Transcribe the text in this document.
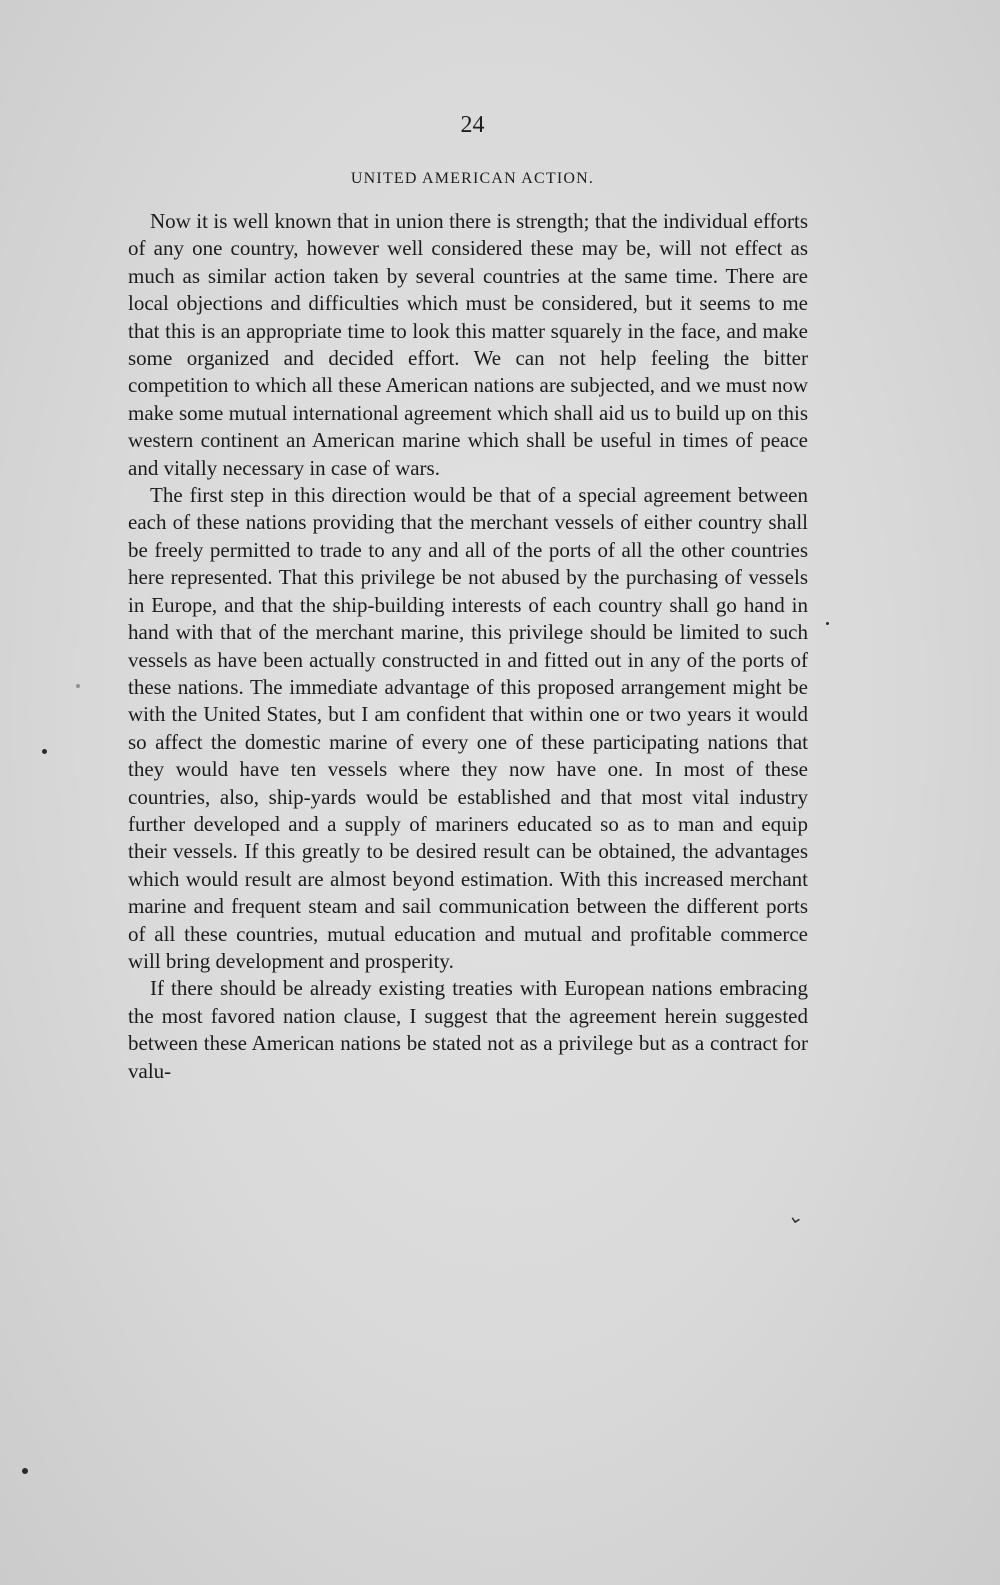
24
UNITED AMERICAN ACTION.

Now it is well known that in union there is strength; that the individual efforts of any one country, however well considered these may be, will not effect as much as similar action taken by several countries at the same time. There are local objections and difficulties which must be considered, but it seems to me that this is an appropriate time to look this matter squarely in the face, and make some organized and decided effort. We can not help feeling the bitter competition to which all these American nations are subjected, and we must now make some mutual international agreement which shall aid us to build up on this western continent an American marine which shall be useful in times of peace and vitally necessary in case of wars.

The first step in this direction would be that of a special agreement between each of these nations providing that the merchant vessels of either country shall be freely permitted to trade to any and all of the ports of all the other countries here represented. That this privilege be not abused by the purchasing of vessels in Europe, and that the ship-building interests of each country shall go hand in hand with that of the merchant marine, this privilege should be limited to such vessels as have been actually constructed in and fitted out in any of the ports of these nations. The immediate advantage of this proposed arrangement might be with the United States, but I am confident that within one or two years it would so affect the domestic marine of every one of these participating nations that they would have ten vessels where they now have one. In most of these countries, also, ship-yards would be established and that most vital industry further developed and a supply of mariners educated so as to man and equip their vessels. If this greatly to be desired result can be obtained, the advantages which would result are almost beyond estimation. With this increased merchant marine and frequent steam and sail communication between the different ports of all these countries, mutual education and mutual and profitable commerce will bring development and prosperity.

If there should be already existing treaties with European nations embracing the most favored nation clause, I suggest that the agreement herein suggested between these American nations be stated not as a privilege but as a contract for valu-

⌄
